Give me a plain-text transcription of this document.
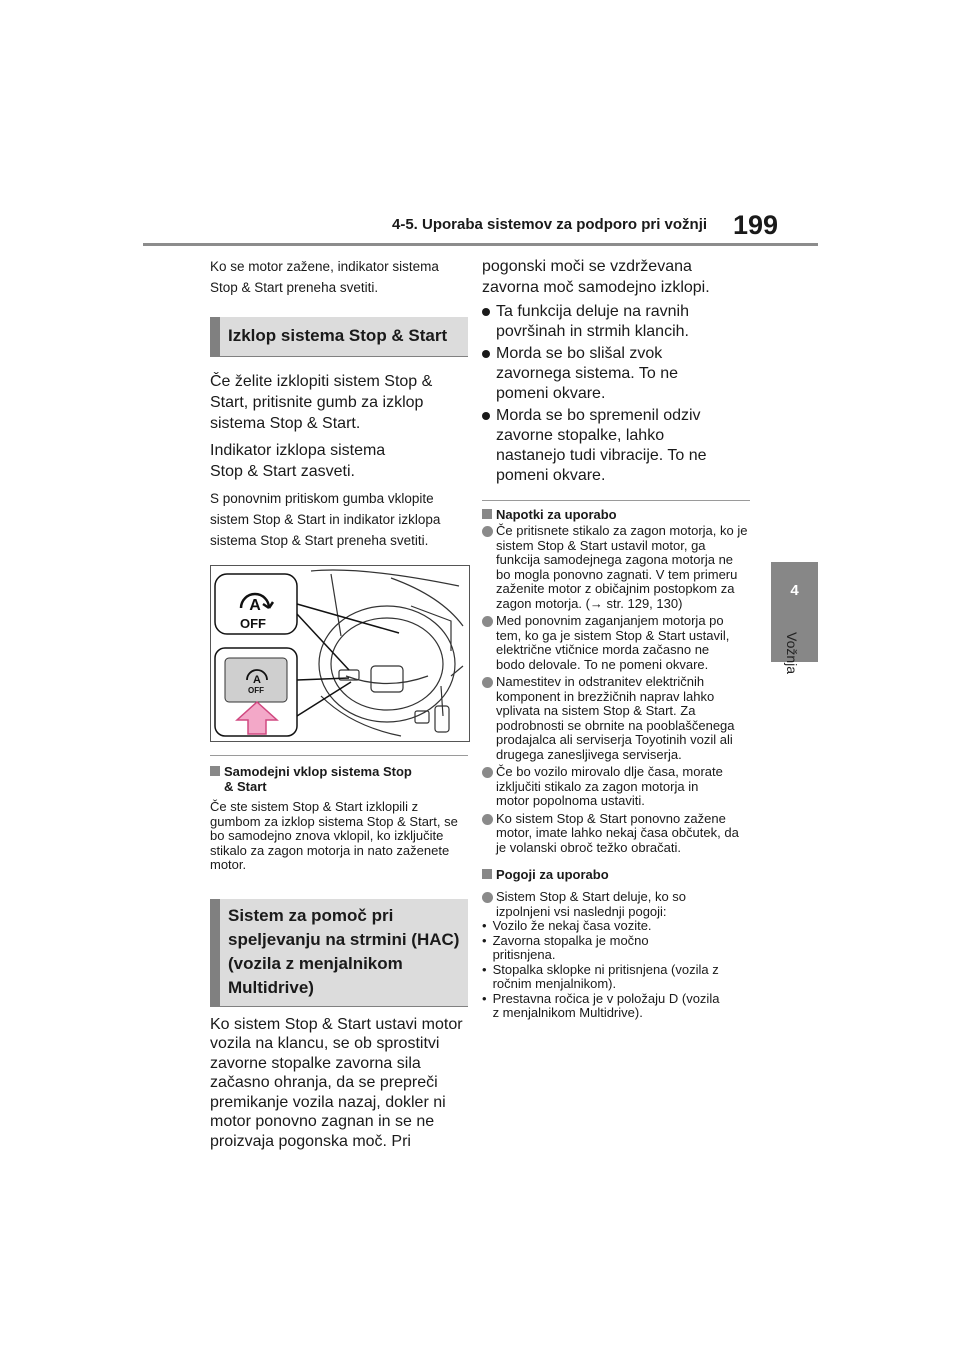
4-5. Uporaba sistemov za podporo pri vožnji 199
4
Vožnja

Ko se motor zažene, indikator sistema Stop & Start preneha svetiti.

Izklop sistema Stop & Start

Če želite izklopiti sistem Stop & Start, pritisnite gumb za izklop sistema Stop & Start.

Indikator izklopa sistema Stop & Start zasveti.

S ponovnim pritiskom gumba vklopite sistem Stop & Start in indikator izklopa sistema Stop & Start preneha svetiti.

A
A
OFF
OFF
Samodejni vklop sistema Stop & Start

Če ste sistem Stop & Start izklopili z gumbom za izklop sistema Stop & Start, se bo samodejno znova vklopil, ko izključite stikalo za zagon motorja in nato zaženete motor.

Sistem za pomoč pri speljevanju na strmini (HAC) (vozila z menjalnikom Multidrive)

Ko sistem Stop & Start ustavi motor vozila na klancu, se ob sprostitvi zavorne stopalke zavorna sila začasno ohranja, da se prepreči premikanje vozila nazaj, dokler ni motor ponovno zagnan in se ne proizvaja pogonska moč. Pri

pogonski moči se vzdrževana zavorna moč samodejno izklopi.

Ta funkcija deluje na ravnih površinah in strmih klancih.
Morda se bo slišal zvok zavornega sistema. To ne pomeni okvare.
Morda se bo spremenil odziv zavorne stopalke, lahko nastanejo tudi vibracije. To ne pomeni okvare.
Napotki za uporabo

Če pritisnete stikalo za zagon motorja, ko je sistem Stop & Start ustavil motor, ga funkcija samodejnega zagona motorja ne bo mogla ponovno zagnati. V tem primeru zaženite motor z običajnim postopkom za zagon motorja. (→ str. 129, 130)

Med ponovnim zaganjanjem motorja po tem, ko ga je sistem Stop & Start ustavil, električne vtičnice morda začasno ne bodo delovale. To ne pomeni okvare.

Namestitev in odstranitev električnih komponent in brezžičnih naprav lahko vplivata na sistem Stop & Start. Za podrobnosti se obrnite na pooblaščenega prodajalca ali serviserja Toyotinih vozil ali drugega zanesljivega serviserja.

Če bo vozilo mirovalo dlje časa, morate izključiti stikalo za zagon motorja in motor popolnoma ustaviti.

Ko sistem Stop & Start ponovno zažene motor, imate lahko nekaj časa občutek, da je volanski obroč težko obračati.

Pogoji za uporabo

Sistem Stop & Start deluje, ko so izpolnjeni vsi naslednji pogoji:

• Vozilo že nekaj časa vozite.
• Zavorna stopalka je močno pritisnjena.
• Stopalka sklopke ni pritisnjena (vozila z ročnim menjalnikom).
• Prestavna ročica je v položaju D (vozila z menjalnikom Multidrive).
